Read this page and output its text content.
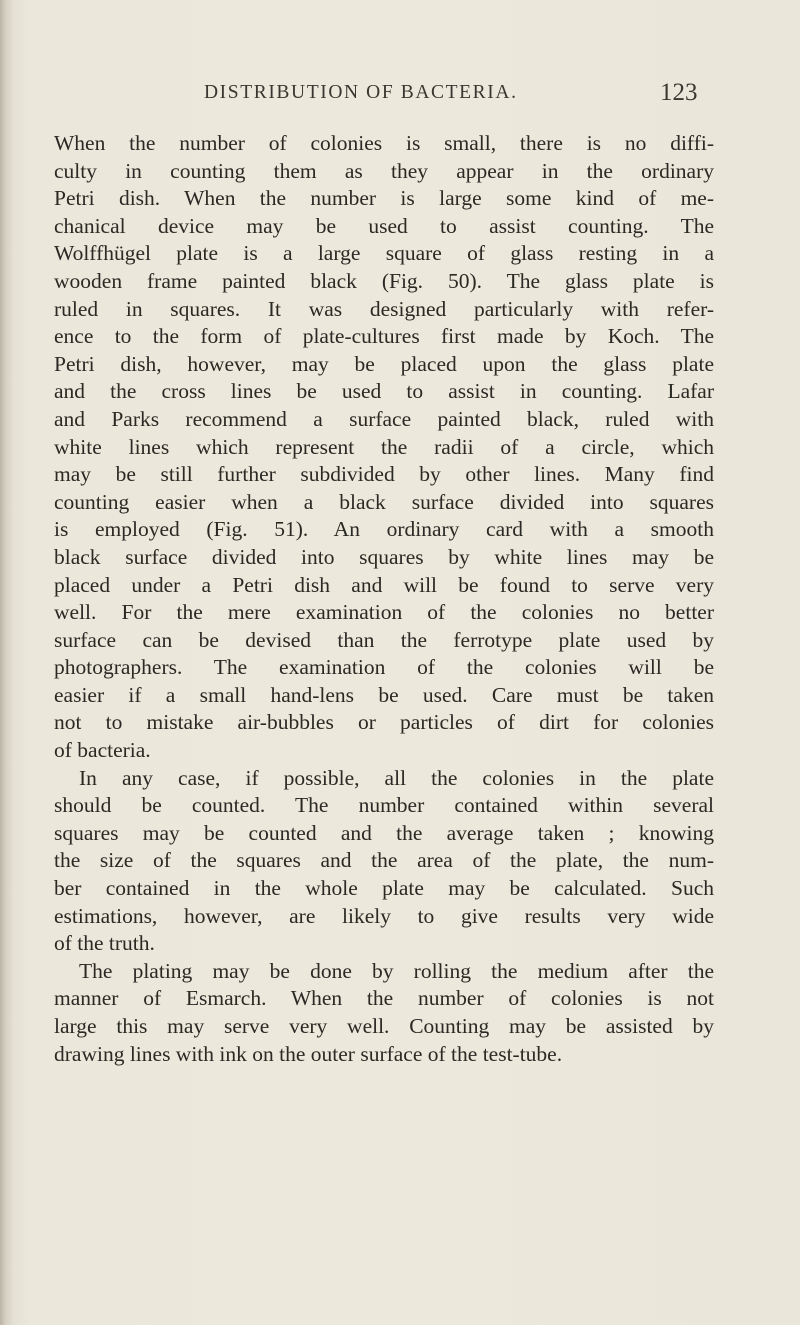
DISTRIBUTION OF BACTERIA.	123
When the number of colonies is small, there is no diffi-
culty in counting them as they appear in the ordinary
Petri dish. When the number is large some kind of me-
chanical device may be used to assist counting. The
Wolffhügel plate is a large square of glass resting in a
wooden frame painted black (Fig. 50). The glass plate is
ruled in squares. It was designed particularly with refer-
ence to the form of plate-cultures first made by Koch. The
Petri dish, however, may be placed upon the glass plate
and the cross lines be used to assist in counting. Lafar
and Parks recommend a surface painted black, ruled with
white lines which represent the radii of a circle, which
may be still further subdivided by other lines. Many find
counting easier when a black surface divided into squares
is employed (Fig. 51). An ordinary card with a smooth
black surface divided into squares by white lines may be
placed under a Petri dish and will be found to serve very
well. For the mere examination of the colonies no better
surface can be devised than the ferrotype plate used by
photographers. The examination of the colonies will be
easier if a small hand-lens be used. Care must be taken
not to mistake air-bubbles or particles of dirt for colonies
of bacteria.
In any case, if possible, all the colonies in the plate
should be counted. The number contained within several
squares may be counted and the average taken ; knowing
the size of the squares and the area of the plate, the num-
ber contained in the whole plate may be calculated. Such
estimations, however, are likely to give results very wide
of the truth.
The plating may be done by rolling the medium after the
manner of Esmarch. When the number of colonies is not
large this may serve very well. Counting may be assisted by
drawing lines with ink on the outer surface of the test-tube.
